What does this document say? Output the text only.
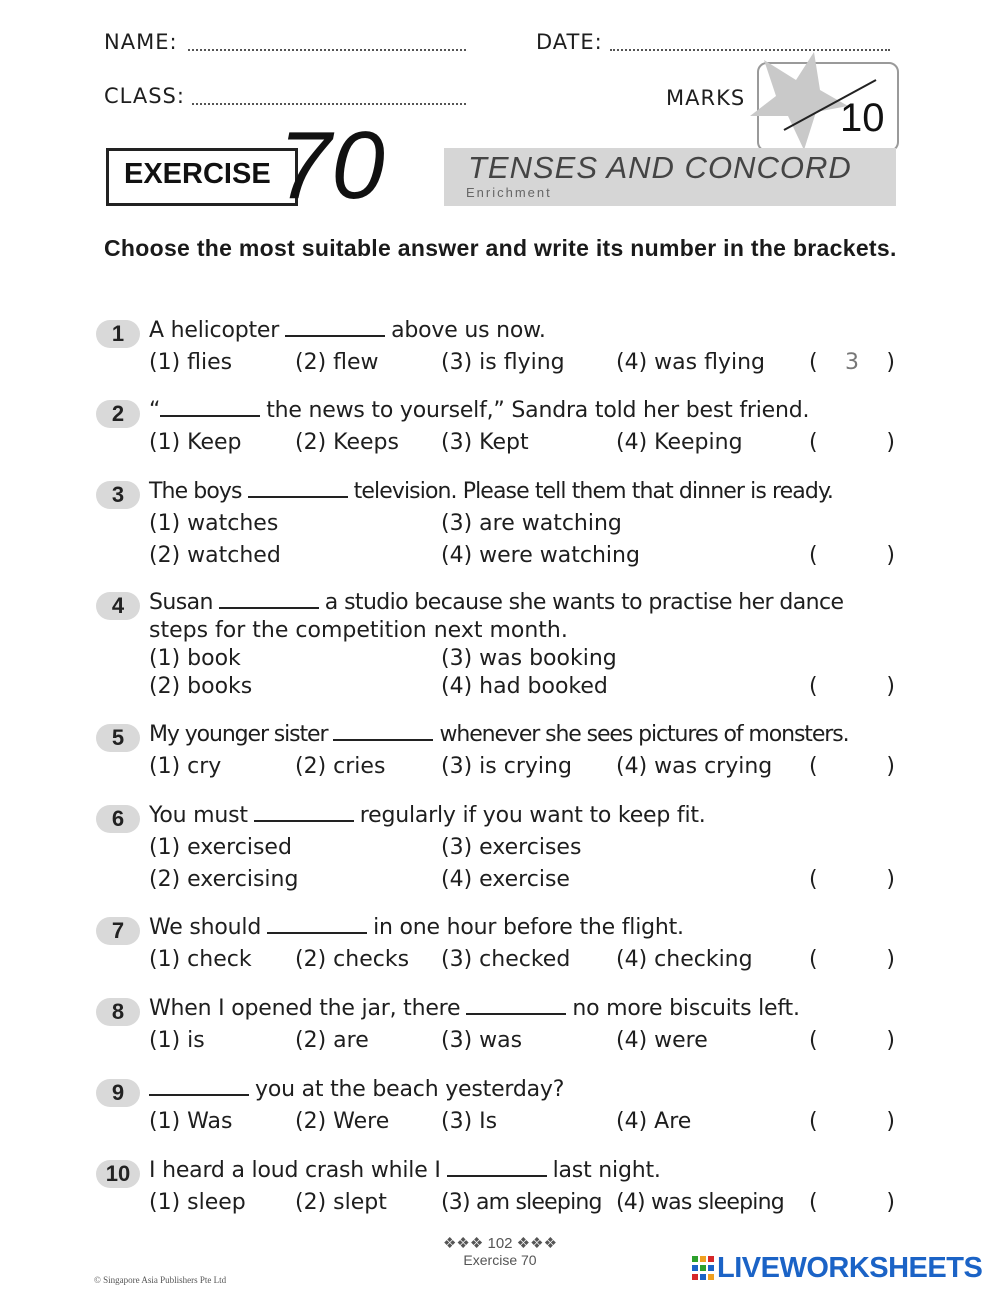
NAME:	DATE:
CLASS:	MARKS 10
EXERCISE 70	TENSES AND CONCORD
Enrichment
Choose the most suitable answer and write its number in the brackets.
1	A helicopter	above us now.
(1) flies	(2) flew	(3) is flying (4) was flying (	3	)
2	“	the news to yourself,” Sandra told her best friend.
(1) Keep (2) Keeps (3) Kept	(4) Keeping	(	)
3	The boys	television. Please tell them that dinner is ready.
(1) watches	(3) are watching
(2) watched	(4) were watching	(	)
4	Susan	a studio because she wants to practise her dance
steps for the competition next month.
(1) book	(3) was booking
(2) books	(4) had booked	(	)
5	My younger sister	whenever she sees pictures of monsters.
(1) cry	(2) cries	(3) is crying (4) was crying (	)
6	You must	regularly if you want to keep fit.
(1) exercised	(3) exercises
(2) exercising	(4) exercise	(	)
7	We should	in one hour before the flight.
(1) check (2) checks (3) checked (4) checking	(	)
8	When I opened the jar, there	no more biscuits left.
(1) is	(2) are	(3) was	(4) were	(	)
9	you at the beach yesterday?
(1) Was	(2) Were (3) Is	(4) Are	(	)
10 I heard a loud crash while I	last night.
(1) sleep (2) slept (3) am sleeping (4) was sleeping (	)
❖❖❖ 102 ❖❖❖
Exercise 70
© Singapore Asia Publishers Pte Ltd	LIVEWORKSHEETS
